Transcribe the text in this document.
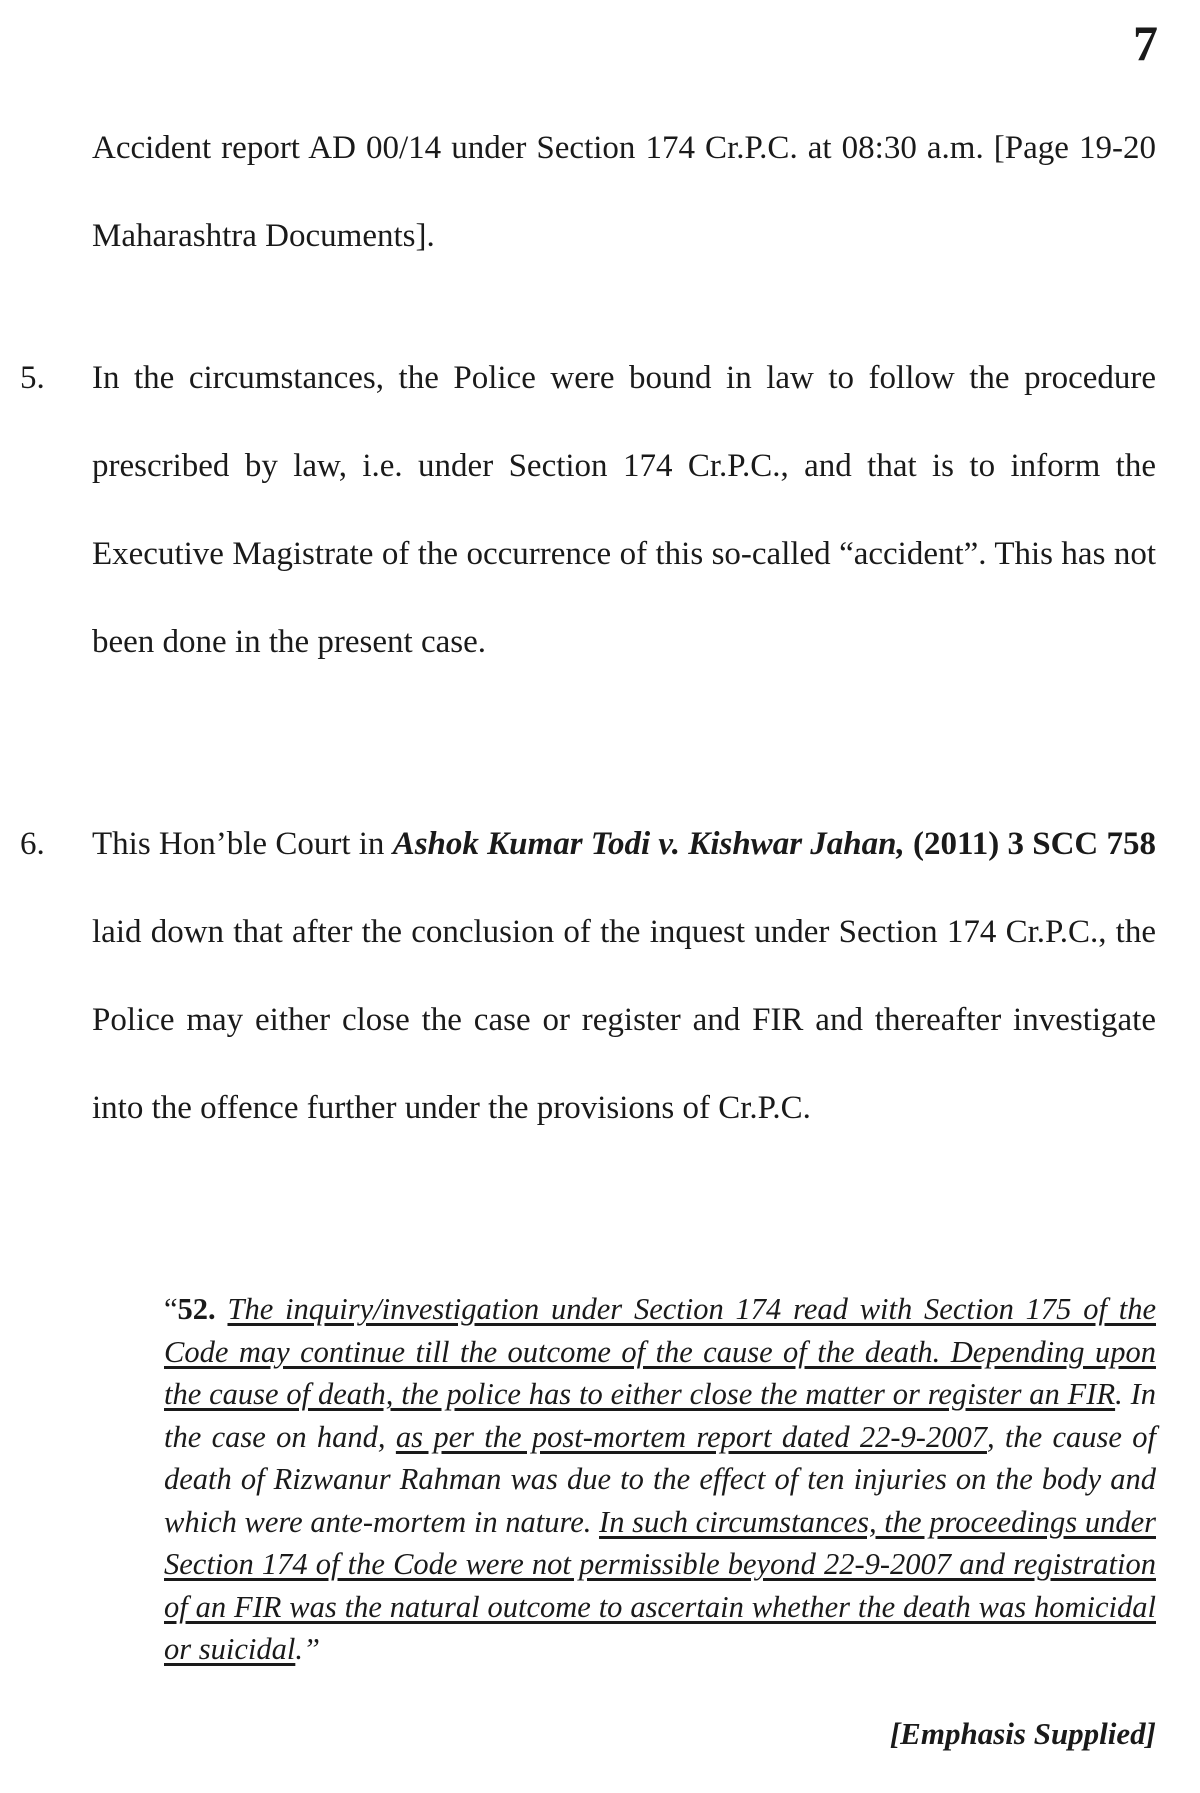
7
Accident report AD 00/14 under Section 174 Cr.P.C. at 08:30 a.m. [Page 19-20 Maharashtra Documents].
5. In the circumstances, the Police were bound in law to follow the procedure prescribed by law, i.e. under Section 174 Cr.P.C., and that is to inform the Executive Magistrate of the occurrence of this so-called “accident”. This has not been done in the present case.
6. This Hon’ble Court in Ashok Kumar Todi v. Kishwar Jahan, (2011) 3 SCC 758 laid down that after the conclusion of the inquest under Section 174 Cr.P.C., the Police may either close the case or register and FIR and thereafter investigate into the offence further under the provisions of Cr.P.C.
“52. The inquiry/investigation under Section 174 read with Section 175 of the Code may continue till the outcome of the cause of the death. Depending upon the cause of death, the police has to either close the matter or register an FIR. In the case on hand, as per the post-mortem report dated 22-9-2007, the cause of death of Rizwanur Rahman was due to the effect of ten injuries on the body and which were ante-mortem in nature. In such circumstances, the proceedings under Section 174 of the Code were not permissible beyond 22-9-2007 and registration of an FIR was the natural outcome to ascertain whether the death was homicidal or suicidal.”
[Emphasis Supplied]
